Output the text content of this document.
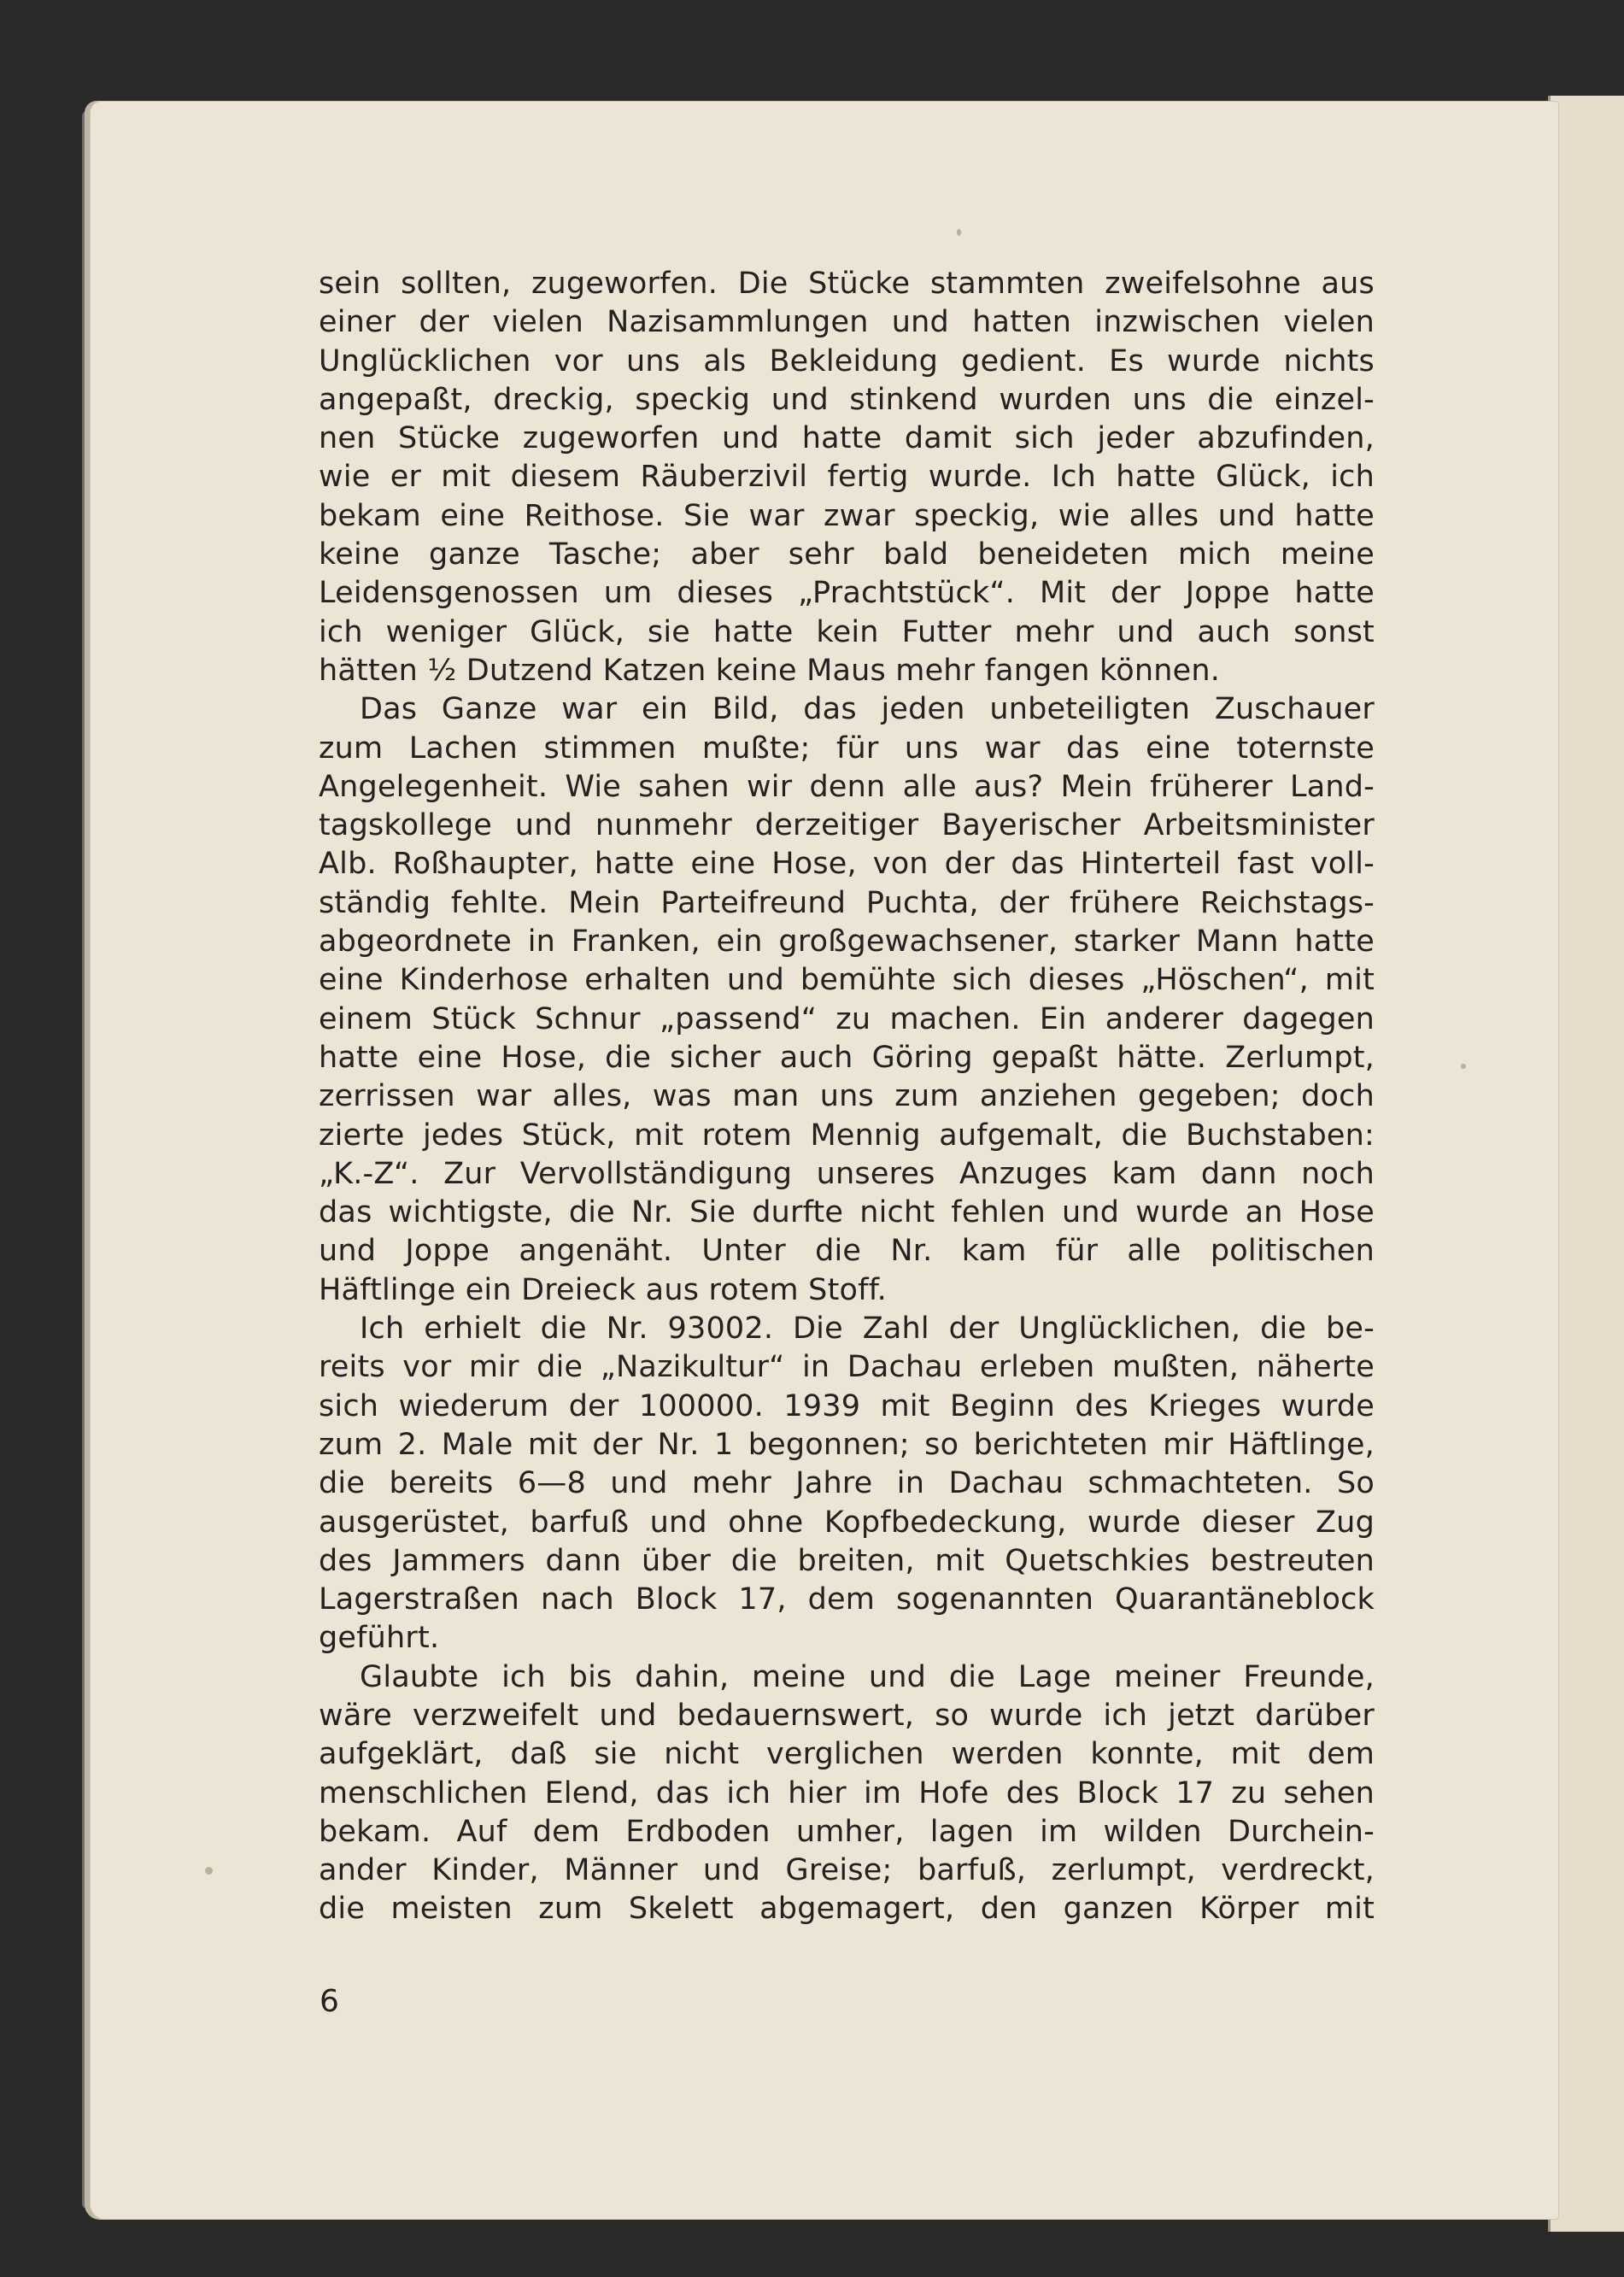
sein sollten, zugeworfen. Die Stücke stammten zweifelsohne aus
einer der vielen Nazisammlungen und hatten inzwischen vielen
Unglücklichen vor uns als Bekleidung gedient. Es wurde nichts
angepaßt, dreckig, speckig und stinkend wurden uns die einzel-
nen Stücke zugeworfen und hatte damit sich jeder abzufinden,
wie er mit diesem Räuberzivil fertig wurde. Ich hatte Glück, ich
bekam eine Reithose. Sie war zwar speckig, wie alles und hatte
keine ganze Tasche; aber sehr bald beneideten mich meine
Leidensgenossen um dieses „Prachtstück“. Mit der Joppe hatte
ich weniger Glück, sie hatte kein Futter mehr und auch sonst
hätten ½ Dutzend Katzen keine Maus mehr fangen können.
Das Ganze war ein Bild, das jeden unbeteiligten Zuschauer
zum Lachen stimmen mußte; für uns war das eine toternste
Angelegenheit. Wie sahen wir denn alle aus? Mein früherer Land-
tagskollege und nunmehr derzeitiger Bayerischer Arbeitsminister
Alb. Roßhaupter, hatte eine Hose, von der das Hinterteil fast voll-
ständig fehlte. Mein Parteifreund Puchta, der frühere Reichstags-
abgeordnete in Franken, ein großgewachsener, starker Mann hatte
eine Kinderhose erhalten und bemühte sich dieses „Höschen“, mit
einem Stück Schnur „passend“ zu machen. Ein anderer dagegen
hatte eine Hose, die sicher auch Göring gepaßt hätte. Zerlumpt,
zerrissen war alles, was man uns zum anziehen gegeben; doch
zierte jedes Stück, mit rotem Mennig aufgemalt, die Buchstaben:
„K.-Z“. Zur Vervollständigung unseres Anzuges kam dann noch
das wichtigste, die Nr. Sie durfte nicht fehlen und wurde an Hose
und Joppe angenäht. Unter die Nr. kam für alle politischen
Häftlinge ein Dreieck aus rotem Stoff.
Ich erhielt die Nr. 93002. Die Zahl der Unglücklichen, die be-
reits vor mir die „Nazikultur“ in Dachau erleben mußten, näherte
sich wiederum der 100000. 1939 mit Beginn des Krieges wurde
zum 2. Male mit der Nr. 1 begonnen; so berichteten mir Häftlinge,
die bereits 6—8 und mehr Jahre in Dachau schmachteten. So
ausgerüstet, barfuß und ohne Kopfbedeckung, wurde dieser Zug
des Jammers dann über die breiten, mit Quetschkies bestreuten
Lagerstraßen nach Block 17, dem sogenannten Quarantäneblock
geführt.
Glaubte ich bis dahin, meine und die Lage meiner Freunde,
wäre verzweifelt und bedauernswert, so wurde ich jetzt darüber
aufgeklärt, daß sie nicht verglichen werden konnte, mit dem
menschlichen Elend, das ich hier im Hofe des Block 17 zu sehen
bekam. Auf dem Erdboden umher, lagen im wilden Durchein-
ander Kinder, Männer und Greise; barfuß, zerlumpt, verdreckt,
die meisten zum Skelett abgemagert, den ganzen Körper mit
6
